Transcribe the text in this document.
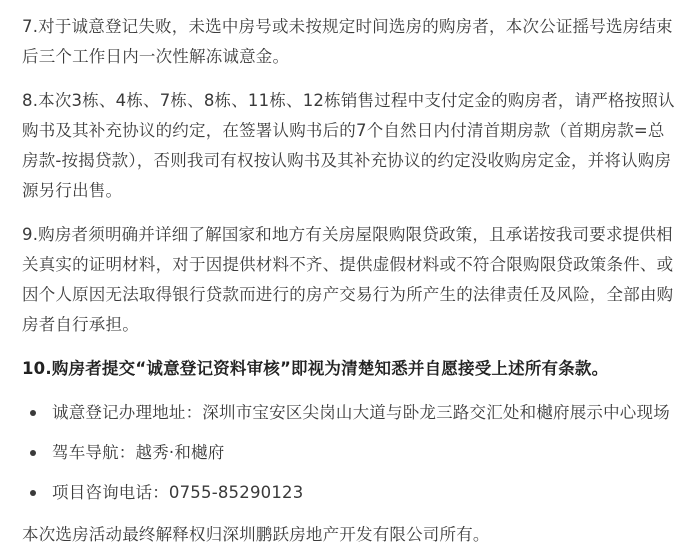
7.对于诚意登记失败，未选中房号或未按规定时间选房的购房者，本次公证摇号选房结束后三个工作日内一次性解冻诚意金。

8.本次3栋、4栋、7栋、8栋、11栋、12栋销售过程中支付定金的购房者，请严格按照认购书及其补充协议的约定，在签署认购书后的7个自然日内付清首期房款（首期房款=总房款-按揭贷款），否则我司有权按认购书及其补充协议的约定没收购房定金，并将认购房源另行出售。

9.购房者须明确并详细了解国家和地方有关房屋限购限贷政策，且承诺按我司要求提供相关真实的证明材料，对于因提供材料不齐、提供虚假材料或不符合限购限贷政策条件、或因个人原因无法取得银行贷款而进行的房产交易行为所产生的法律责任及风险，全部由购房者自行承担。

10.购房者提交“诚意登记资料审核”即视为清楚知悉并自愿接受上述所有条款。

诚意登记办理地址：深圳市宝安区尖岗山大道与卧龙三路交汇处和樾府展示中心现场
驾车导航：越秀·和樾府
项目咨询电话：0755-85290123

本次选房活动最终解释权归深圳鹏跃房地产开发有限公司所有。
